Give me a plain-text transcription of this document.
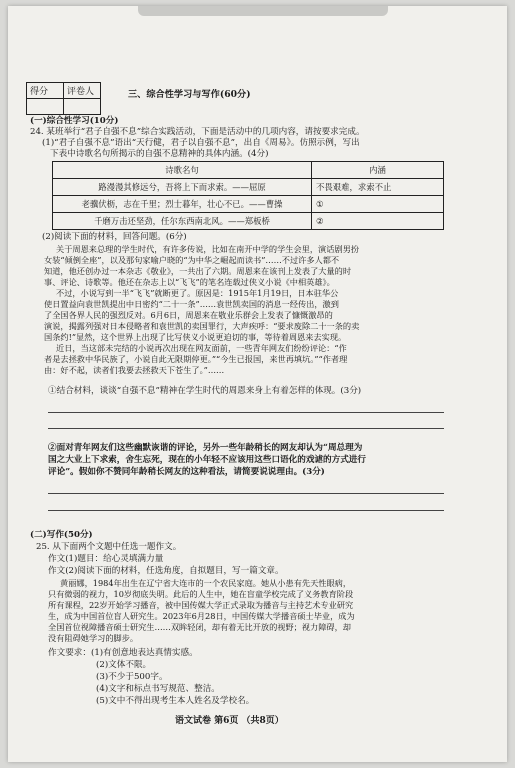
得分	评卷人
		三、综合性学习与写作(60分)
(一)综合性学习(10分)
24. 某班举行“君子自强不息”综合实践活动，下面是活动中的几项内容，请按要求完成。
(1)“君子自强不息”语出“天行健，君子以自强不息”，出自《周易》。仿照示例，写出
下表中诗歌名句所揭示的自强不息精神的具体内涵。(4分)
诗歌名句	内涵
路漫漫其修远兮，吾将上下而求索。——屈原	不畏艰难，求索不止
老骥伏枥，志在千里；烈士暮年，壮心不已。——曹操	①
千磨万击还坚劲，任尔东西南北风。——郑板桥	②
(2)阅读下面的材料，回答问题。(6分)
关于周恩来总理的学生时代，有许多传说，比如在南开中学的学生会里，演话剧男扮
女装“倾倒全座”，以及那句家喻户晓的“为中华之崛起而读书”……不过许多人都不
知道，他还创办过一本杂志《敬业》，一共出了六期。周恩来在该刊上发表了大量的时
事、评论、诗歌等。他还在杂志上以“飞飞”的笔名连载过侠义小说《中相英雄》。
不过，小说写到一半“飞飞”就断更了。原因是：1915年1月19日，日本驻华公
使日置益向袁世凯提出中日密约“二十一条”……袁世凯卖国的消息一经传出，激到
了全国各界人民的强烈反对。6月6日，周恩来在敬业乐群会上发表了慷慨激昂的
演说，揭露列强对日本侵略者和袁世凯的卖国罪行，大声疾呼：“要求废除二十一条的卖
国条约!”显然，这个世界上出现了比写侠义小说更迫切的事，等待着周恩来去实现。
近日，当这部未完结的小说再次出现在网友面前，一些青年网友们纷纷评论：“作
者是去拯救中华民族了，小说自此无限期停更。”“今生已报国，来世再填坑。”“作者理
由：好不起，读者们我要去拯救天下苍生了。”……
①结合材料，谈谈“自强不息”精神在学生时代的周恩来身上有着怎样的体现。(3分)
②面对青年网友们这些幽默诙谐的评论，另外一些年龄稍长的网友却认为“周总理为
国之大业上下求索，舍生忘死，现在的小年轻不应该用这些口语化的戏谑的方式进行
评论”。假如你不赞同年龄稍长网友的这种看法，请简要说说理由。(3分)
(二)写作(50分)
25. 从下面两个文题中任选一题作文。
作文(1)题目：给心灵填满力量
作文(2)阅读下面的材料，任选角度，自拟题目，写一篇文章。
黄丽娜，1984年出生在辽宁省大连市的一个农民家庭。她从小患有先天性眼病，
只有微弱的视力，10岁彻底失明。此后的人生中，她在盲童学校完成了义务教育阶段
所有课程，22岁开始学习播音，被中国传媒大学正式录取为播音与主持艺术专业研究
生，成为中国首位盲人研究生。2023年6月28日，中国传媒大学播音硕士毕业，成为
全国首位视障播音硕士研究生……双眸轻闭，却有着无比开放的视野；视力障碍，却
没有阻碍她学习的脚步。
作文要求：(1)有创意地表达真情实感。
(2)文体不限。
(3)不少于500字。
(4)文字和标点书写规范、整洁。
(5)文中不得出现考生本人姓名及学校名。
语文试卷 第6页 （共8页）
